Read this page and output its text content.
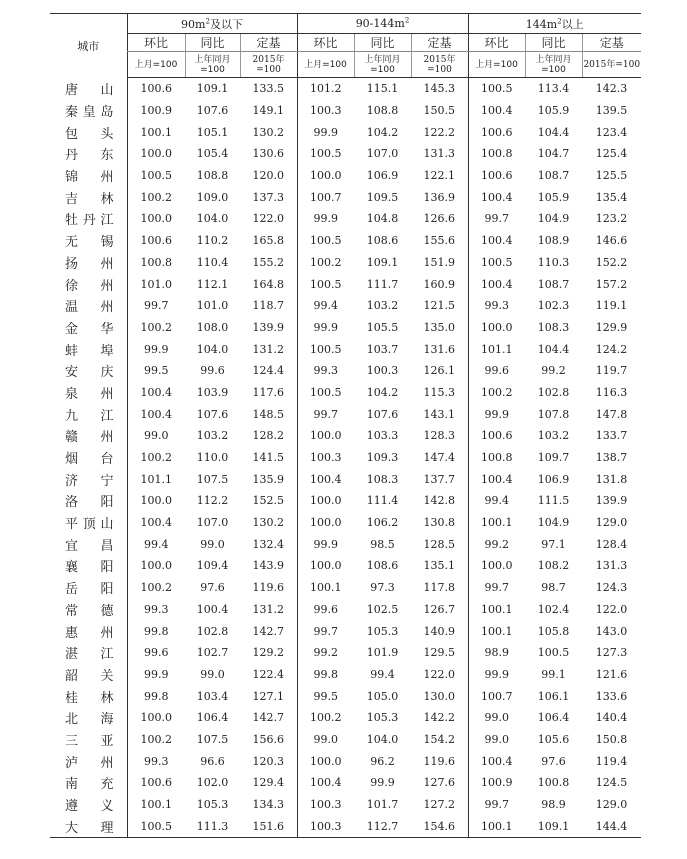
城市	$90m^2$及以下			$90-144m^2$			$144m^2$以上		
	环比	同比	定基	环比	同比	定基	环比	同比	定基
	上月=100	上年同月=100	2015年=100	上月=100	上年同月=100	2015年=100	上月=100	上年同月=100	2015年=100
唐山	100.6	109.1	133.5	101.2	115.1	145.3	100.5	113.4	142.3
秦皇岛	100.9	107.6	149.1	100.3	108.8	150.5	100.4	105.9	139.5
包头	100.1	105.1	130.2	99.9	104.2	122.2	100.6	104.4	123.4
丹东	100.0	105.4	130.6	100.5	107.0	131.3	100.8	104.7	125.4
锦州	100.5	108.8	120.0	100.0	106.9	122.1	100.6	108.7	125.5
吉林	100.2	109.0	137.3	100.7	109.5	136.9	100.4	105.9	135.4
牡丹江	100.0	104.0	122.0	99.9	104.8	126.6	99.7	104.9	123.2
无锡	100.6	110.2	165.8	100.5	108.6	155.6	100.4	108.9	146.6
扬州	100.8	110.4	155.2	100.2	109.1	151.9	100.5	110.3	152.2
徐州	101.0	112.1	164.8	100.5	111.7	160.9	100.4	108.7	157.2
温州	99.7	101.0	118.7	99.4	103.2	121.5	99.3	102.3	119.1
金华	100.2	108.0	139.9	99.9	105.5	135.0	100.0	108.3	129.9
蚌埠	99.9	104.0	131.2	100.5	103.7	131.6	101.1	104.4	124.2
安庆	99.5	99.6	124.4	99.3	100.3	126.1	99.6	99.2	119.7
泉州	100.4	103.9	117.6	100.5	104.2	115.3	100.2	102.8	116.3
九江	100.4	107.6	148.5	99.7	107.6	143.1	99.9	107.8	147.8
赣州	99.0	103.2	128.2	100.0	103.3	128.3	100.6	103.2	133.7
烟台	100.2	110.0	141.5	100.3	109.3	147.4	100.8	109.7	138.7
济宁	101.1	107.5	135.9	100.4	108.3	137.7	100.4	106.9	131.8
洛阳	100.0	112.2	152.5	100.0	111.4	142.8	99.4	111.5	139.9
平顶山	100.4	107.0	130.2	100.0	106.2	130.8	100.1	104.9	129.0
宜昌	99.4	99.0	132.4	99.9	98.5	128.5	99.2	97.1	128.4
襄阳	100.0	109.4	143.9	100.0	108.6	135.1	100.0	108.2	131.3
岳阳	100.2	97.6	119.6	100.1	97.3	117.8	99.7	98.7	124.3
常德	99.3	100.4	131.2	99.6	102.5	126.7	100.1	102.4	122.0
惠州	99.8	102.8	142.7	99.7	105.3	140.9	100.1	105.8	143.0
湛江	99.6	102.7	129.2	99.2	101.9	129.5	98.9	100.5	127.3
韶关	99.9	99.0	122.4	99.8	99.4	122.0	99.9	99.1	121.6
桂林	99.8	103.4	127.1	99.5	105.0	130.0	100.7	106.1	133.6
北海	100.0	106.4	142.7	100.2	105.3	142.2	99.0	106.4	140.4
三亚	100.2	107.5	156.6	99.0	104.0	154.2	99.0	105.6	150.8
泸州	99.3	96.6	120.3	100.0	96.2	119.6	100.4	97.6	119.4
南充	100.6	102.0	129.4	100.4	99.9	127.6	100.9	100.8	124.5
遵义	100.1	105.3	134.3	100.3	101.7	127.2	99.7	98.9	129.0
大理	100.5	111.3	151.6	100.3	112.7	154.6	100.1	109.1	144.4
